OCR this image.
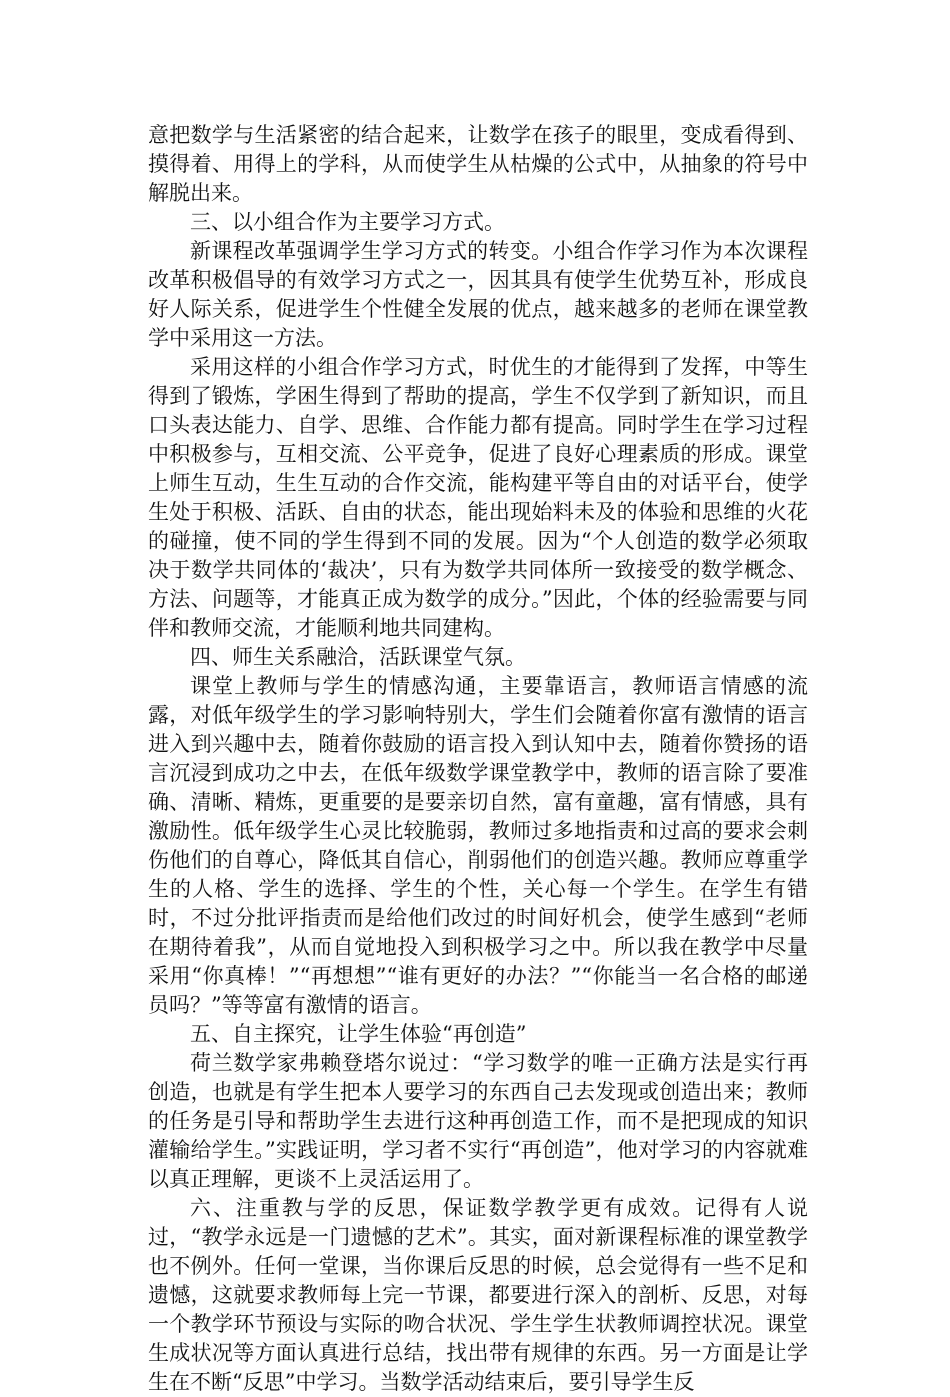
意把数学与生活紧密的结合起来，让数学在孩子的眼里，变成看得到、摸得着、用得上的学科，从而使学生从枯燥的公式中，从抽象的符号中解脱出来。

三、以小组合作为主要学习方式。

新课程改革强调学生学习方式的转变。小组合作学习作为本次课程改革积极倡导的有效学习方式之一，因其具有使学生优势互补，形成良好人际关系，促进学生个性健全发展的优点，越来越多的老师在课堂教学中采用这一方法。

采用这样的小组合作学习方式，时优生的才能得到了发挥，中等生得到了锻炼，学困生得到了帮助的提高，学生不仅学到了新知识，而且口头表达能力、自学、思维、合作能力都有提高。同时学生在学习过程中积极参与，互相交流、公平竞争，促进了良好心理素质的形成。课堂上师生互动，生生互动的合作交流，能构建平等自由的对话平台，使学生处于积极、活跃、自由的状态，能出现始料未及的体验和思维的火花的碰撞，使不同的学生得到不同的发展。因为“个人创造的数学必须取决于数学共同体的‘裁决’，只有为数学共同体所一致接受的数学概念、方法、问题等，才能真正成为数学的成分。”因此，个体的经验需要与同伴和教师交流，才能顺利地共同建构。

四、师生关系融洽，活跃课堂气氛。

课堂上教师与学生的情感沟通，主要靠语言，教师语言情感的流露，对低年级学生的学习影响特别大，学生们会随着你富有激情的语言进入到兴趣中去，随着你鼓励的语言投入到认知中去，随着你赞扬的语言沉浸到成功之中去，在低年级数学课堂教学中，教师的语言除了要准确、清晰、精炼，更重要的是要亲切自然，富有童趣，富有情感，具有激励性。低年级学生心灵比较脆弱，教师过多地指责和过高的要求会刺伤他们的自尊心，降低其自信心，削弱他们的创造兴趣。教师应尊重学生的人格、学生的选择、学生的个性，关心每一个学生。在学生有错时，不过分批评指责而是给他们改过的时间好机会，使学生感到“老师在期待着我”，从而自觉地投入到积极学习之中。所以我在教学中尽量采用“你真棒！”“再想想”“谁有更好的办法？”“你能当一名合格的邮递员吗？”等等富有激情的语言。

五、自主探究，让学生体验“再创造”

荷兰数学家弗赖登塔尔说过：“学习数学的唯一正确方法是实行再创造，也就是有学生把本人要学习的东西自己去发现或创造出来；教师的任务是引导和帮助学生去进行这种再创造工作，而不是把现成的知识灌输给学生。”实践证明，学习者不实行“再创造”，他对学习的内容就难以真正理解，更谈不上灵活运用了。

六、注重教与学的反思，保证数学教学更有成效。记得有人说过，“教学永远是一门遗憾的艺术”。其实，面对新课程标准的课堂教学也不例外。任何一堂课，当你课后反思的时候，总会觉得有一些不足和遗憾，这就要求教师每上完一节课，都要进行深入的剖析、反思，对每一个教学环节预设与实际的吻合状况、学生学生状教师调控状况。课堂生成状况等方面认真进行总结，找出带有规律的东西。另一方面是让学生在不断“反思”中学习。当数学活动结束后，要引导学生反
